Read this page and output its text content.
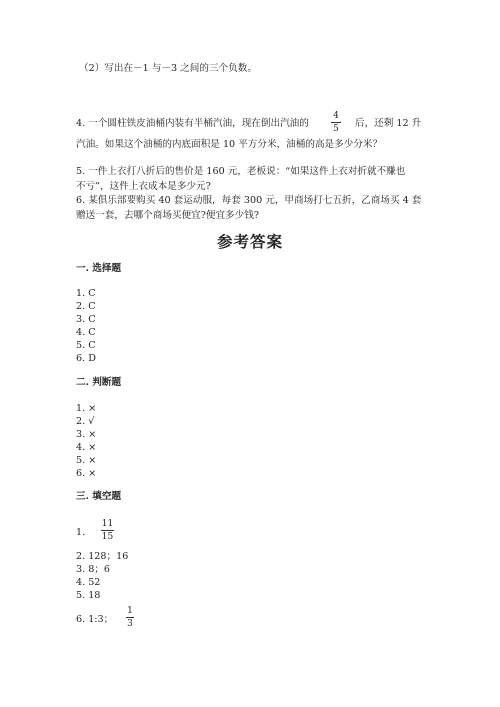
（2）写出在－1 与－3 之间的三个负数。
4. 一个圆柱铁皮油桶内装有半桶汽油，现在倒出汽油的
4
5 后，还剩 12 升
汽油。如果这个油桶的内底面积是 10 平方分米，油桶的高是多少分米？
5. 一件上衣打八折后的售价是 160 元，老板说：“如果这件上衣对折就不赚也
不亏”，这件上衣成本是多少元?
6. 某俱乐部要购买 40 套运动服，每套 300 元，甲商场打七五折，乙商场买 4 套
赠送一套，去哪个商场买便宜?便宜多少钱?
参考答案
一. 选择题
1. C
2. C
3. C
4. C
5. C
6. D
二. 判断题
1. ×
2. √
3. ×
4. ×
5. ×
6. ×
三. 填空题
1.
11
15
2. 128；16
3. 8；6
4. 52
5. 18
6. 1:3；
1
3
